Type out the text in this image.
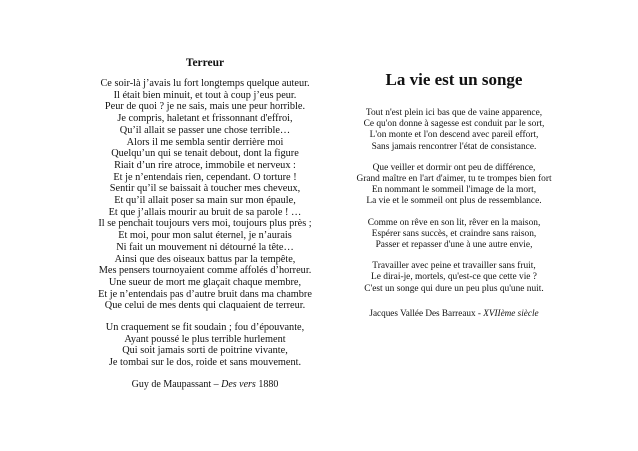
Terreur
Ce soir-là j’avais lu fort longtemps quelque auteur.
Il était bien minuit, et tout à coup j’eus peur.
Peur de quoi ? je ne sais, mais une peur horrible.
Je compris, haletant et frissonnant d'effroi,
Qu’il allait se passer une chose terrible…
Alors il me sembla sentir derrière moi
Quelqu’un qui se tenait debout, dont la figure
Riait d’un rire atroce, immobile et nerveux :
Et je n’entendais rien, cependant. O torture !
Sentir qu’il se baissait à toucher mes cheveux,
Et qu’il allait poser sa main sur mon épaule,
Et que j’allais mourir au bruit de sa parole ! …
Il se penchait toujours vers moi, toujours plus près ;
Et moi, pour mon salut éternel, je n’aurais
Ni fait un mouvement ni détourné la tête…
Ainsi que des oiseaux battus par la tempête,
Mes pensers tournoyaient comme affolés d’horreur.
Une sueur de mort me glaçait chaque membre,
Et je n’entendais pas d’autre bruit dans ma chambre
Que celui de mes dents qui claquaient de terreur.
Un craquement se fit soudain ; fou d’épouvante,
Ayant poussé le plus terrible hurlement
Qui soit jamais sorti de poitrine vivante,
Je tombai sur le dos, roide et sans mouvement.
Guy de Maupassant – Des vers 1880
La vie est un songe
Tout n'est plein ici bas que de vaine apparence,
Ce qu'on donne à sagesse est conduit par le sort,
L'on monte et l'on descend avec pareil effort,
Sans jamais rencontrer l'état de consistance.
Que veiller et dormir ont peu de différence,
Grand maître en l'art d'aimer, tu te trompes bien fort
En nommant le sommeil l'image de la mort,
La vie et le sommeil ont plus de ressemblance.
Comme on rêve en son lit, rêver en la maison,
Espérer sans succès, et craindre sans raison,
Passer et repasser d'une à une autre envie,
Travailler avec peine et travailler sans fruit,
Le dirai-je, mortels, qu'est-ce que cette vie ?
C'est un songe qui dure un peu plus qu'une nuit.
Jacques Vallée Des Barreaux - XVIIème siècle
